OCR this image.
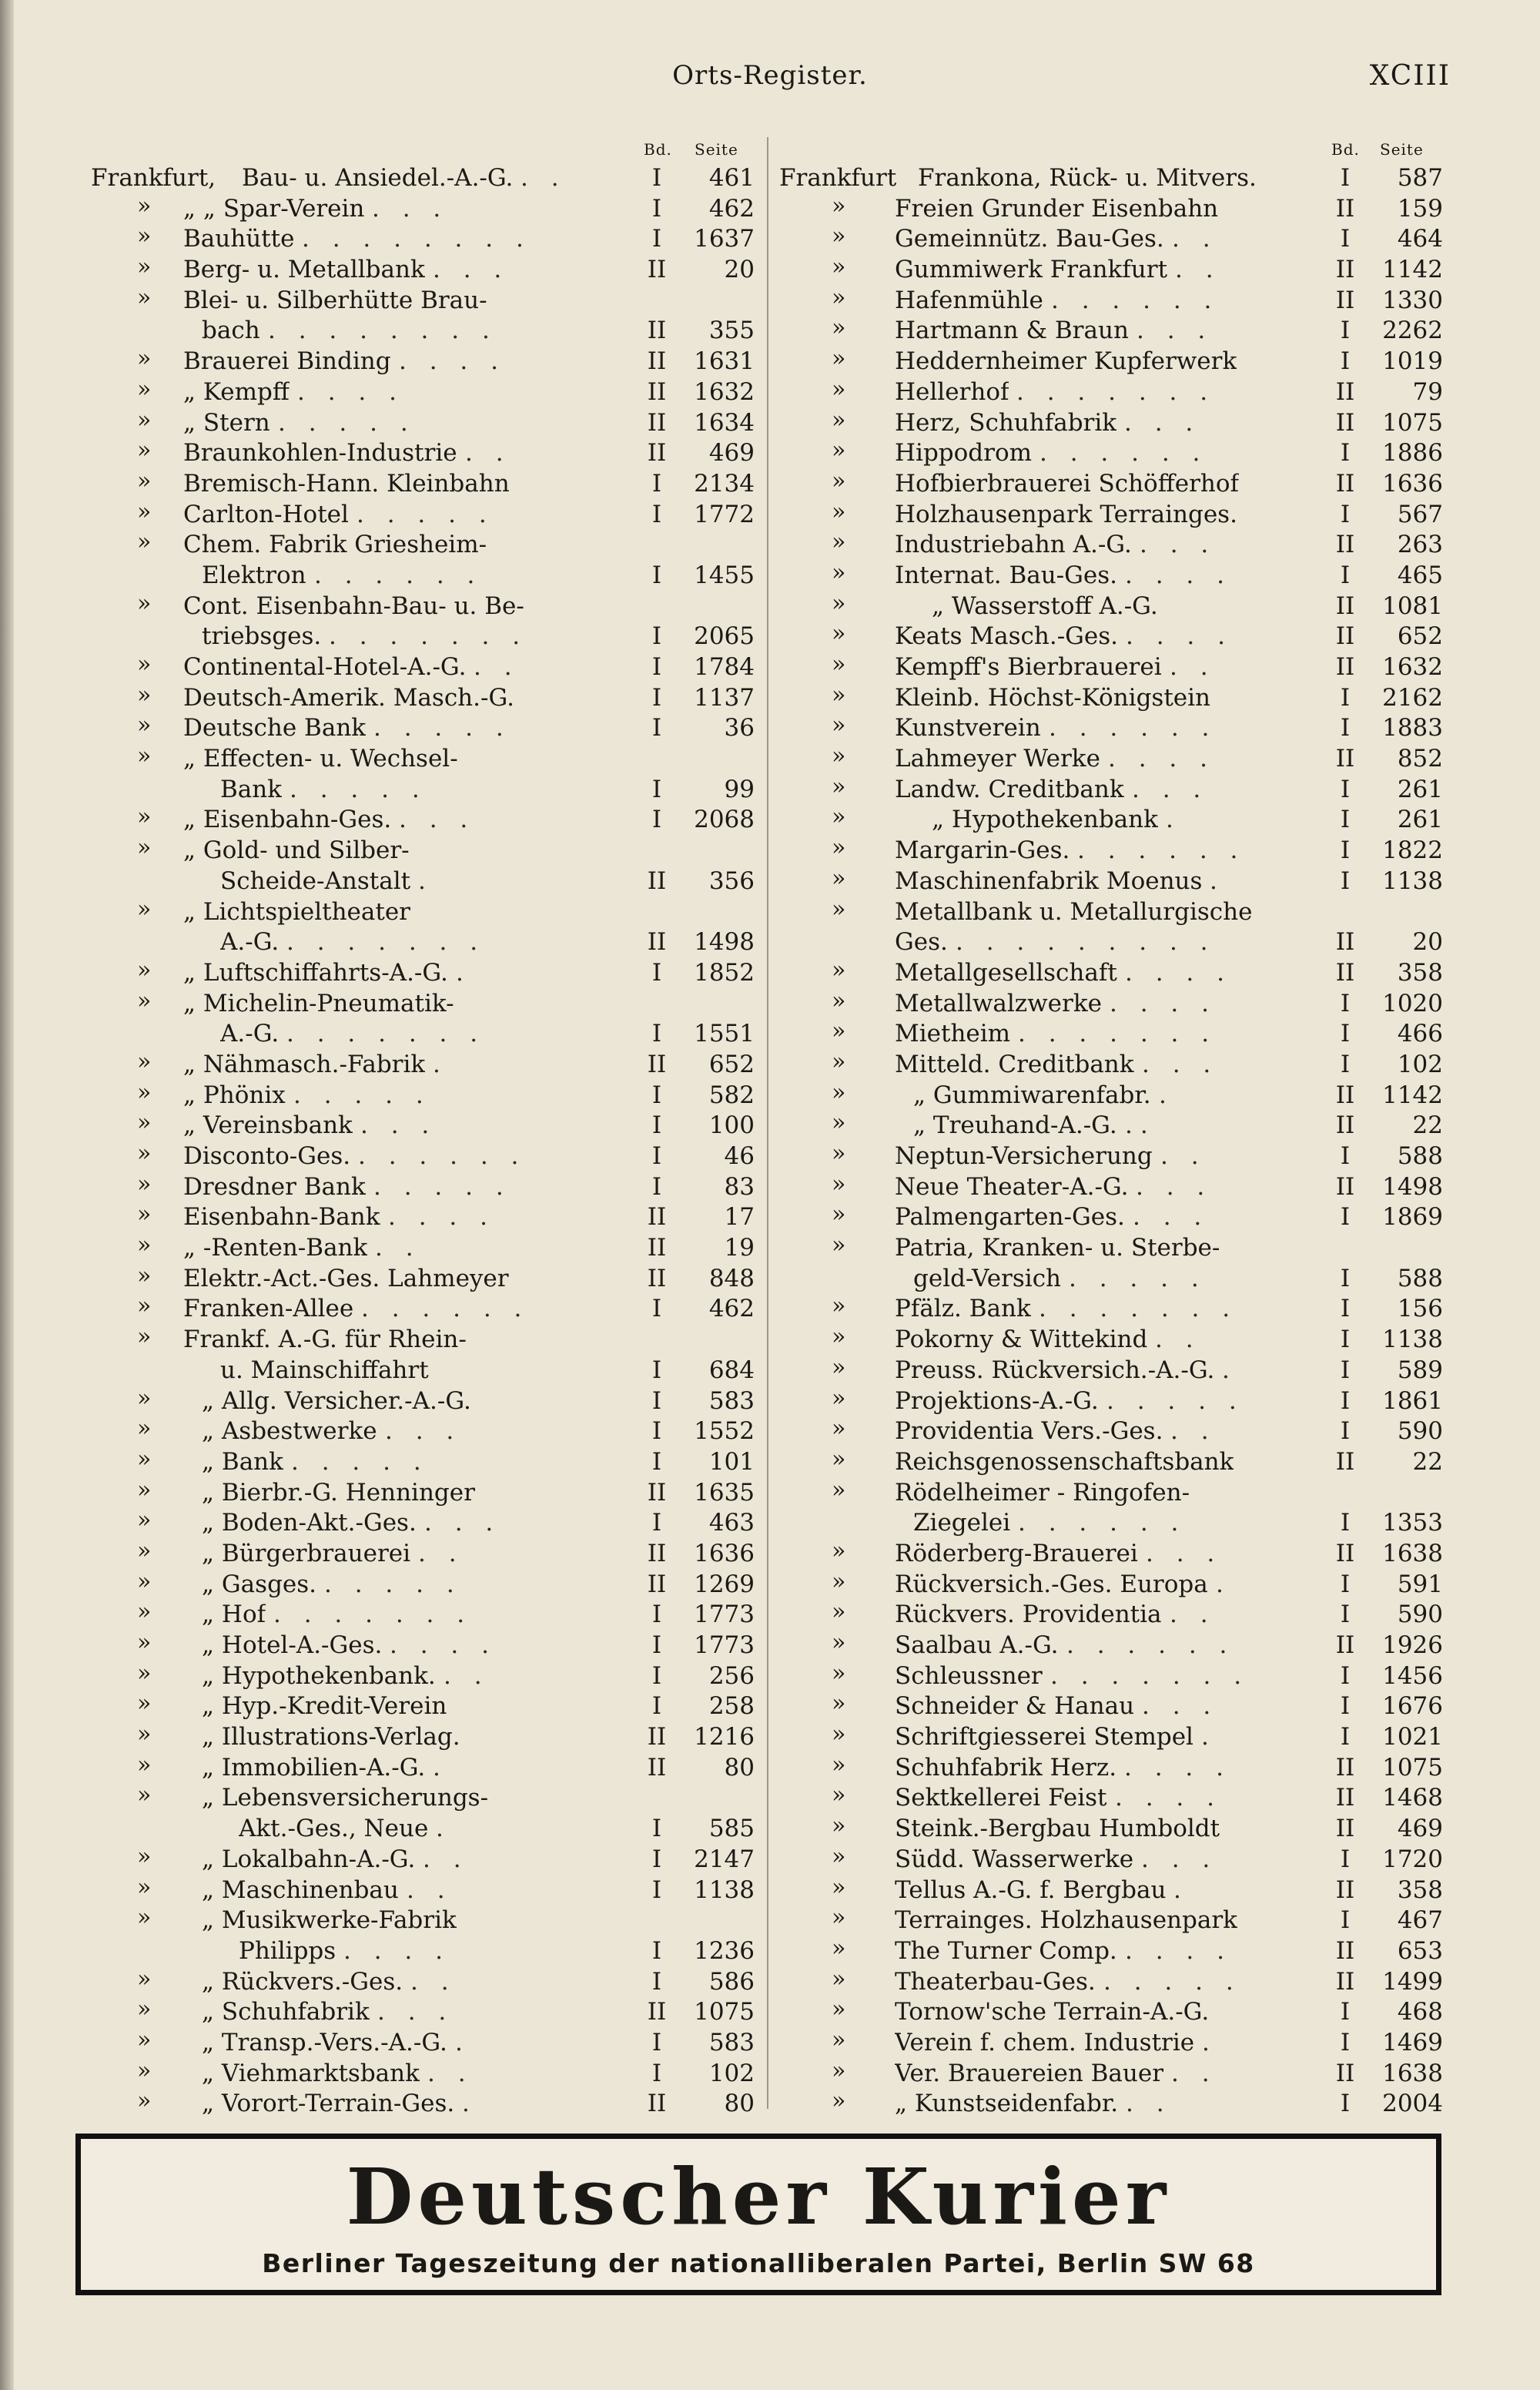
Orts-Register.	XCIII
Bd. Seite
Frankfurt, Bau- u. Ansiedel.-A.-G. . .	I	461
» „ „ Spar-Verein . . .	I	462
» Bauhütte . . . . . . . .	I	1637
» Berg- u. Metallbank . . .	II	20
» Blei- u. Silberhütte Brau-
bach . . . . . . . .	II	355
» Brauerei Binding . . . .	II	1631
» „ Kempff . . . .	II	1632
» „ Stern . . . . .	II	1634
» Braunkohlen-Industrie . .	II	469
» Bremisch-Hann. Kleinbahn	I	2134
» Carlton-Hotel . . . . .	I	1772
» Chem. Fabrik Griesheim-
Elektron . . . . . .	I	1455
» Cont. Eisenbahn-Bau- u. Be-
triebsges. . . . . . . .	I	2065
» Continental-Hotel-A.-G. . .	I	1784
» Deutsch-Amerik. Masch.-G.	I	1137
» Deutsche Bank . . . . .	I	36
» „ Effecten- u. Wechsel-
Bank . . . . .	I	99
» „ Eisenbahn-Ges. . . .	I	2068
» „ Gold- und Silber-
Scheide-Anstalt .	II	356
» „ Lichtspieltheater
A.-G. . . . . . . .	II	1498
» „ Luftschiffahrts-A.-G. .	I	1852
» „ Michelin-Pneumatik-
A.-G. . . . . . . .	I	1551
» „ Nähmasch.-Fabrik .	II	652
» „ Phönix . . . . .	I	582
» „ Vereinsbank . . .	I	100
» Disconto-Ges. . . . . . .	I	46
» Dresdner Bank . . . . .	I	83
» Eisenbahn-Bank . . . .	II	17
» „ -Renten-Bank . .	II	19
» Elektr.-Act.-Ges. Lahmeyer	II	848
» Franken-Allee . . . . . .	I	462
» Frankf. A.-G. für Rhein-
u. Mainschiffahrt	I	684
» „ Allg. Versicher.-A.-G.	I	583
» „ Asbestwerke . . .	I	1552
» „ Bank . . . . .	I	101
» „ Bierbr.-G. Henninger	II	1635
» „ Boden-Akt.-Ges. . . .	I	463
» „ Bürgerbrauerei . .	II	1636
» „ Gasges. . . . . .	II	1269
» „ Hof . . . . . . .	I	1773
» „ Hotel-A.-Ges. . . . .	I	1773
» „ Hypothekenbank. . .	I	256
» „ Hyp.-Kredit-Verein	I	258
» „ Illustrations-Verlag.	II	1216
» „ Immobilien-A.-G. .	II	80
» „ Lebensversicherungs-
Akt.-Ges., Neue .	I	585
» „ Lokalbahn-A.-G. . .	I	2147
» „ Maschinenbau . .	I	1138
» „ Musikwerke-Fabrik
Philipps . . . .	I	1236
» „ Rückvers.-Ges. . .	I	586
» „ Schuhfabrik . . .	II	1075
» „ Transp.-Vers.-A.-G. .	I	583
» „ Viehmarktsbank . .	I	102
» „ Vorort-Terrain-Ges. .	II	80
Bd. Seite
Frankfurt Frankona, Rück- u. Mitvers.	I	587
» Freien Grunder Eisenbahn	II	159
» Gemeinnütz. Bau-Ges. . .	I	464
» Gummiwerk Frankfurt . .	II	1142
» Hafenmühle . . . . . .	II	1330
» Hartmann & Braun . . .	I	2262
» Heddernheimer Kupferwerk	I	1019
» Hellerhof . . . . . . .	II	79
» Herz, Schuhfabrik . . .	II	1075
» Hippodrom . . . . . .	I	1886
» Hofbierbrauerei Schöfferhof	II	1636
» Holzhausenpark Terrainges.	I	567
» Industriebahn A.-G. . . .	II	263
» Internat. Bau-Ges. . . . .	I	465
»	„ Wasserstoff A.-G.	II	1081
» Keats Masch.-Ges. . . . .	II	652
» Kempff's Bierbrauerei . .	II	1632
» Kleinb. Höchst-Königstein	I	2162
» Kunstverein . . . . . .	I	1883
» Lahmeyer Werke . . . .	II	852
» Landw. Creditbank . . .	I	261
»	„ Hypothekenbank .	I	261
» Margarin-Ges. . . . . . .	I	1822
» Maschinenfabrik Moenus .	I	1138
» Metallbank u. Metallurgische
Ges. . . . . . . . . .	II	20
» Metallgesellschaft . . . .	II	358
» Metallwalzwerke . . . .	I	1020
» Mietheim . . . . . . .	I	466
» Mitteld. Creditbank . . .	I	102
»	„ Gummiwarenfabr. .	II	1142
»	„ Treuhand-A.-G. ..	II	22
» Neptun-Versicherung . .	I	588
» Neue Theater-A.-G. . . .	II	1498
» Palmengarten-Ges. . . .	I	1869
» Patria, Kranken- u. Sterbe-
geld-Versich . . . . .	I	588
» Pfälz. Bank . . . . . . .	I	156
» Pokorny & Wittekind . .	I	1138
» Preuss. Rückversich.-A.-G. .	I	589
» Projektions-A.-G. . . . . .	I	1861
» Providentia Vers.-Ges. . .	I	590
» Reichsgenossenschaftsbank	II	22
» Rödelheimer - Ringofen-
Ziegelei . . . . . .	I	1353
» Röderberg-Brauerei . . .	II	1638
» Rückversich.-Ges. Europa .	I	591
» Rückvers. Providentia . .	I	590
» Saalbau A.-G. . . . . . .	II	1926
» Schleussner . . . . . . .	I	1456
» Schneider & Hanau . . .	I	1676
» Schriftgiesserei Stempel .	I	1021
» Schuhfabrik Herz. . . . .	II	1075
» Sektkellerei Feist . . . .	II	1468
» Steink.-Bergbau Humboldt	II	469
» Südd. Wasserwerke . . .	I	1720
» Tellus A.-G. f. Bergbau .	II	358
» Terrainges. Holzhausenpark	I	467
» The Turner Comp. . . . .	II	653
» Theaterbau-Ges. . . . . .	II	1499
» Tornow'sche Terrain-A.-G.	I	468
» Verein f. chem. Industrie .	I	1469
» Ver. Brauereien Bauer . .	II	1638
» „ Kunstseidenfabr. . .	I	2004
Deutscher Kurier
Berliner Tageszeitung der nationalliberalen Partei, Berlin SW 68
